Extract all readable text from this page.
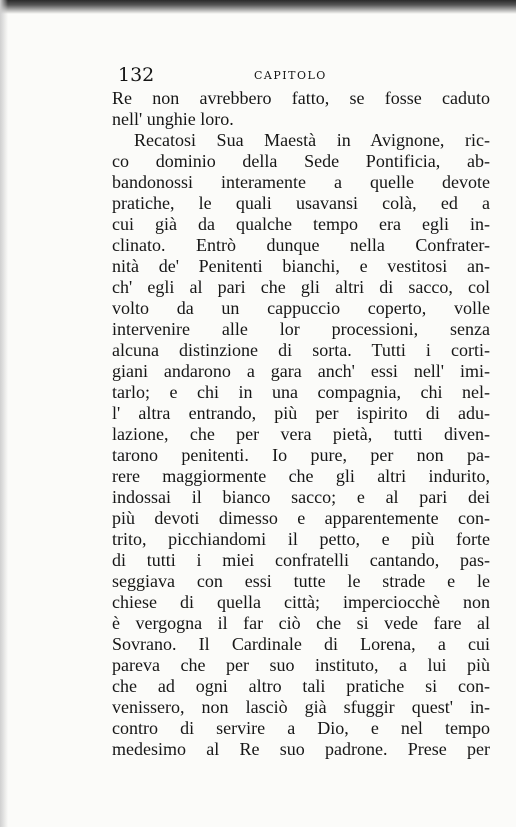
132	CAPITOLO
Re non avrebbero fatto, se fosse caduto
nell' unghie loro.
Recatosi Sua Maestà in Avignone, ric-
co dominio della Sede Pontificia, ab-
bandonossi interamente a quelle devote
pratiche, le quali usavansi colà, ed a
cui già da qualche tempo era egli in-
clinato. Entrò dunque nella Confrater-
nità de' Penitenti bianchi, e vestitosi an-
ch' egli al pari che gli altri di sacco, col
volto da un cappuccio coperto, volle
intervenire alle lor processioni, senza
alcuna distinzione di sorta. Tutti i corti-
giani andarono a gara anch' essi nell' imi-
tarlo; e chi in una compagnia, chi nel-
l' altra entrando, più per ispirito di adu-
lazione, che per vera pietà, tutti diven-
tarono penitenti. Io pure, per non pa-
rere maggiormente che gli altri indurito,
indossai il bianco sacco; e al pari dei
più devoti dimesso e apparentemente con-
trito, picchiandomi il petto, e più forte
di tutti i miei confratelli cantando, pas-
seggiava con essi tutte le strade e le
chiese di quella città; imperciocchè non
è vergogna il far ciò che si vede fare al
Sovrano. Il Cardinale di Lorena, a cui
pareva che per suo instituto, a lui più
che ad ogni altro tali pratiche si con-
venissero, non lasciò già sfuggir quest' in-
contro di servire a Dio, e nel tempo
medesimo al Re suo padrone. Prese per
